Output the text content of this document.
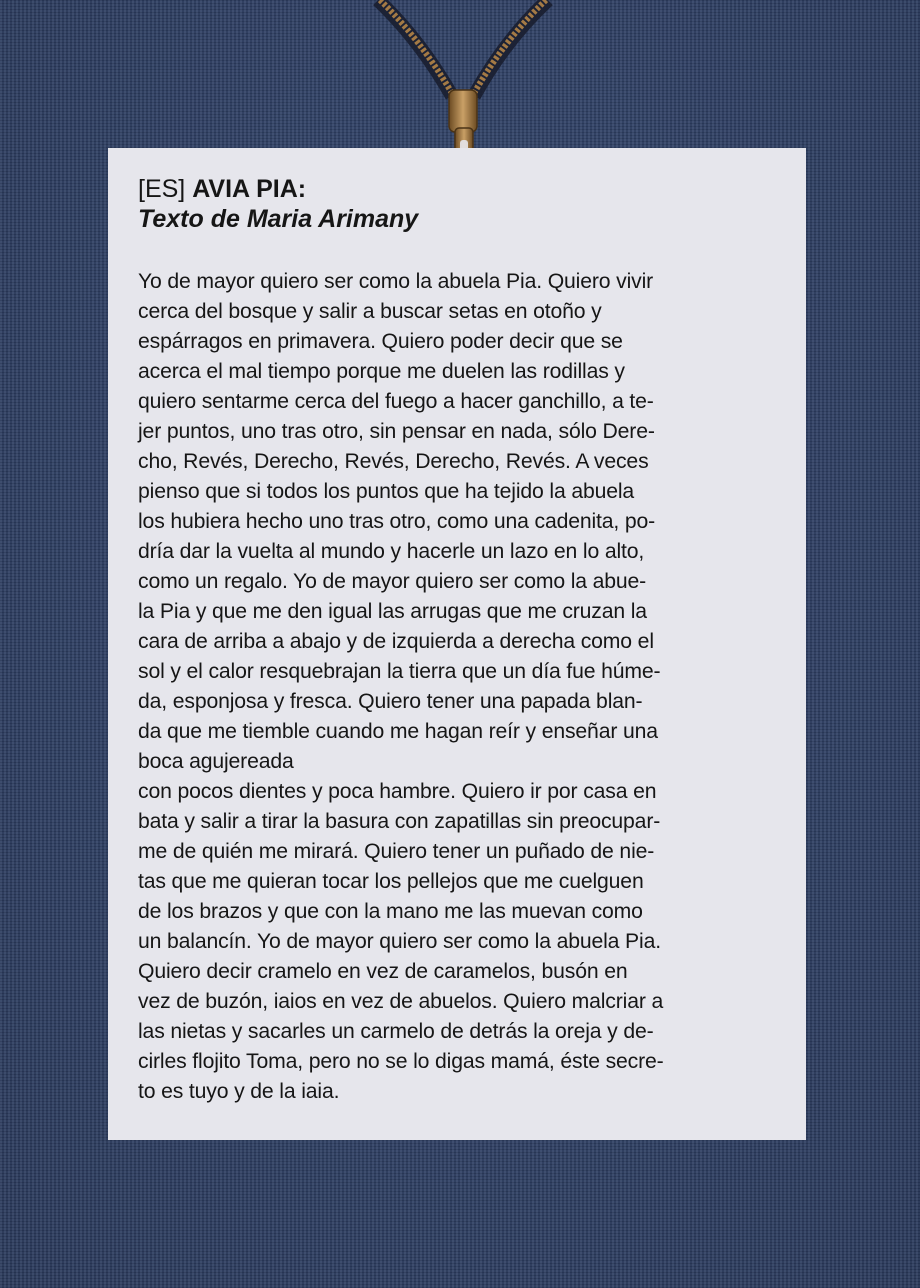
[ES] AVIA PIA:
Texto de Maria Arimany
Yo de mayor quiero ser como la abuela Pia. Quiero vivir
cerca del bosque y salir a buscar setas en otoño y
espárragos en primavera. Quiero poder decir que se
acerca el mal tiempo porque me duelen las rodillas y
quiero sentarme cerca del fuego a hacer ganchillo, a te-
jer puntos, uno tras otro, sin pensar en nada, sólo Dere-
cho, Revés, Derecho, Revés, Derecho, Revés. A veces
pienso que si todos los puntos que ha tejido la abuela
los hubiera hecho uno tras otro, como una cadenita, po-
dría dar la vuelta al mundo y hacerle un lazo en lo alto,
como un regalo. Yo de mayor quiero ser como la abue-
la Pia y que me den igual las arrugas que me cruzan la
cara de arriba a abajo y de izquierda a derecha como el
sol y el calor resquebrajan la tierra que un día fue húme-
da, esponjosa y fresca. Quiero tener una papada blan-
da que me tiemble cuando me hagan reír y enseñar una
boca agujereada
con pocos dientes y poca hambre. Quiero ir por casa en
bata y salir a tirar la basura con zapatillas sin preocupar-
me de quién me mirará. Quiero tener un puñado de nie-
tas que me quieran tocar los pellejos que me cuelguen
de los brazos y que con la mano me las muevan como
un balancín. Yo de mayor quiero ser como la abuela Pia.
Quiero decir cramelo en vez de caramelos, busón en
vez de buzón, iaios en vez de abuelos. Quiero malcriar a
las nietas y sacarles un carmelo de detrás la oreja y de-
cirles flojito Toma, pero no se lo digas mamá, éste secre-
to es tuyo y de la iaia.
